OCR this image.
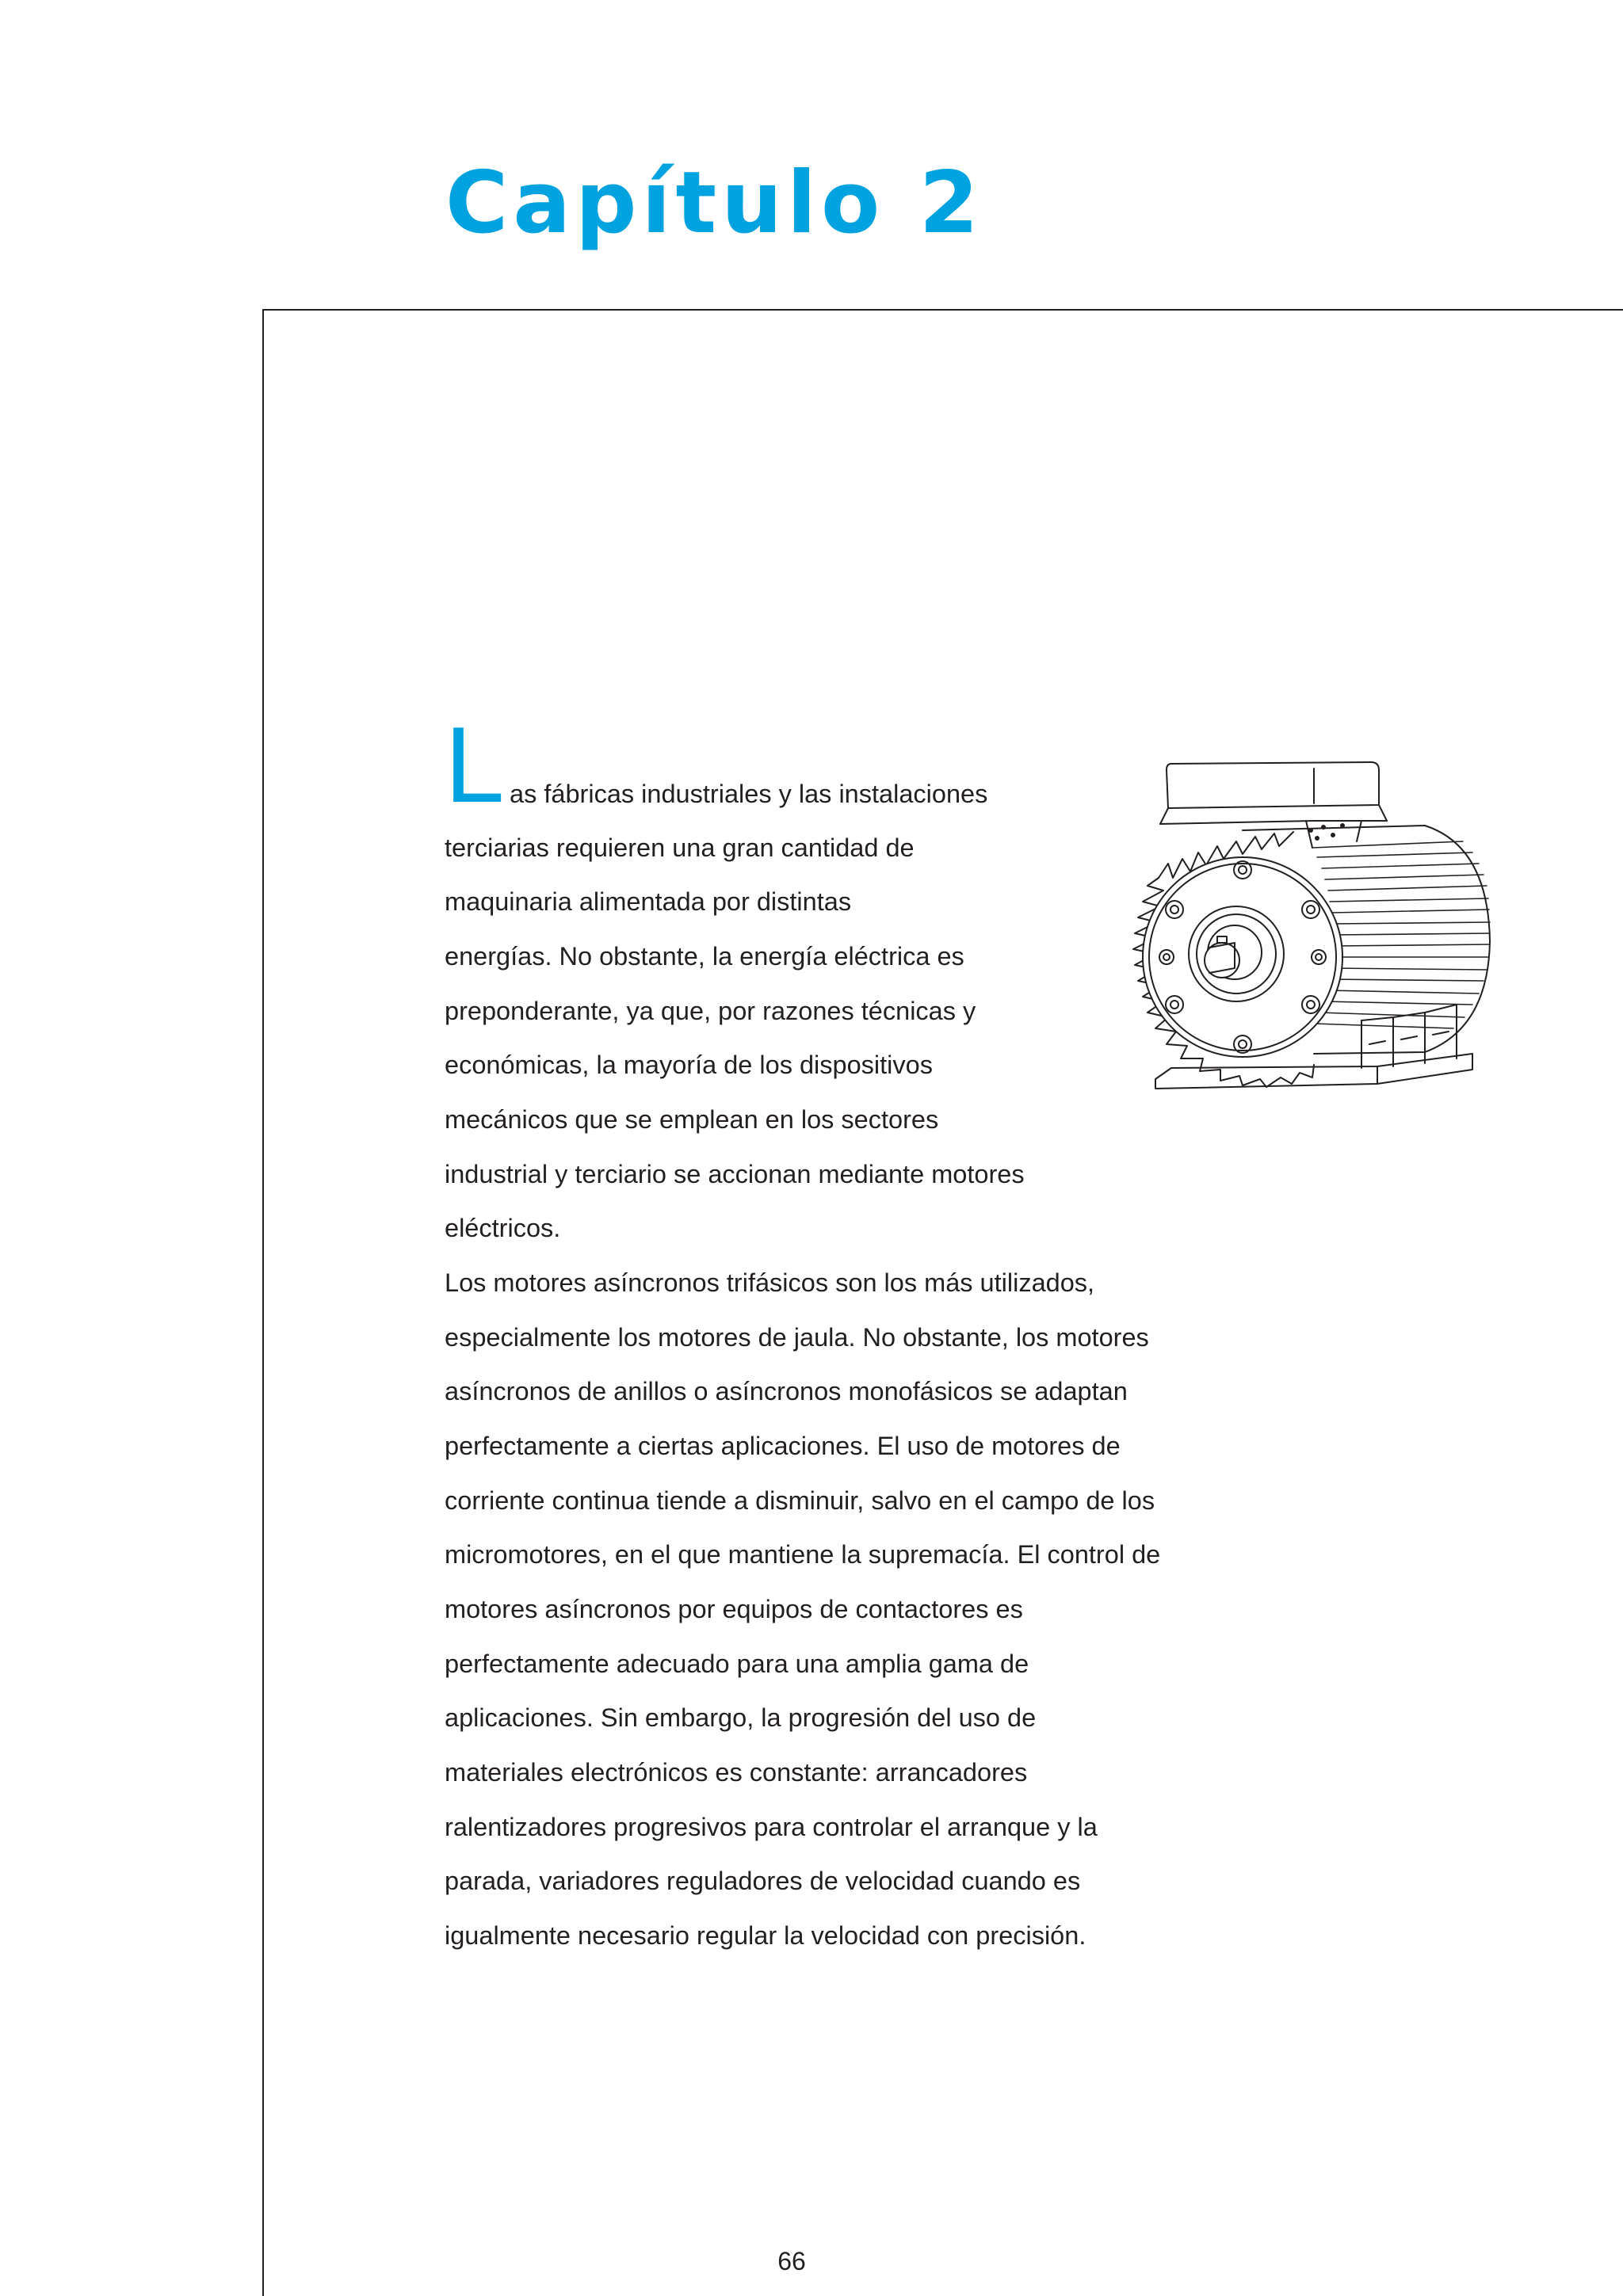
Capítulo 2
L as fábricas industriales y las instalaciones

terciarias requieren una gran cantidad de

maquinaria alimentada por distintas

energías. No obstante, la energía eléctrica es

preponderante, ya que, por razones técnicas y

económicas, la mayoría de los dispositivos

mecánicos que se emplean en los sectores

industrial y terciario se accionan mediante motores

eléctricos.

Los motores asíncronos trifásicos son los más utilizados,

especialmente los motores de jaula. No obstante, los motores

asíncronos de anillos o asíncronos monofásicos se adaptan

perfectamente a ciertas aplicaciones. El uso de motores de

corriente continua tiende a disminuir, salvo en el campo de los

micromotores, en el que mantiene la supremacía. El control de

motores asíncronos por equipos de contactores es

perfectamente adecuado para una amplia gama de

aplicaciones. Sin embargo, la progresión del uso de

materiales electrónicos es constante: arrancadores

ralentizadores progresivos para controlar el arranque y la

parada, variadores reguladores de velocidad cuando es

igualmente necesario regular la velocidad con precisión.

66
